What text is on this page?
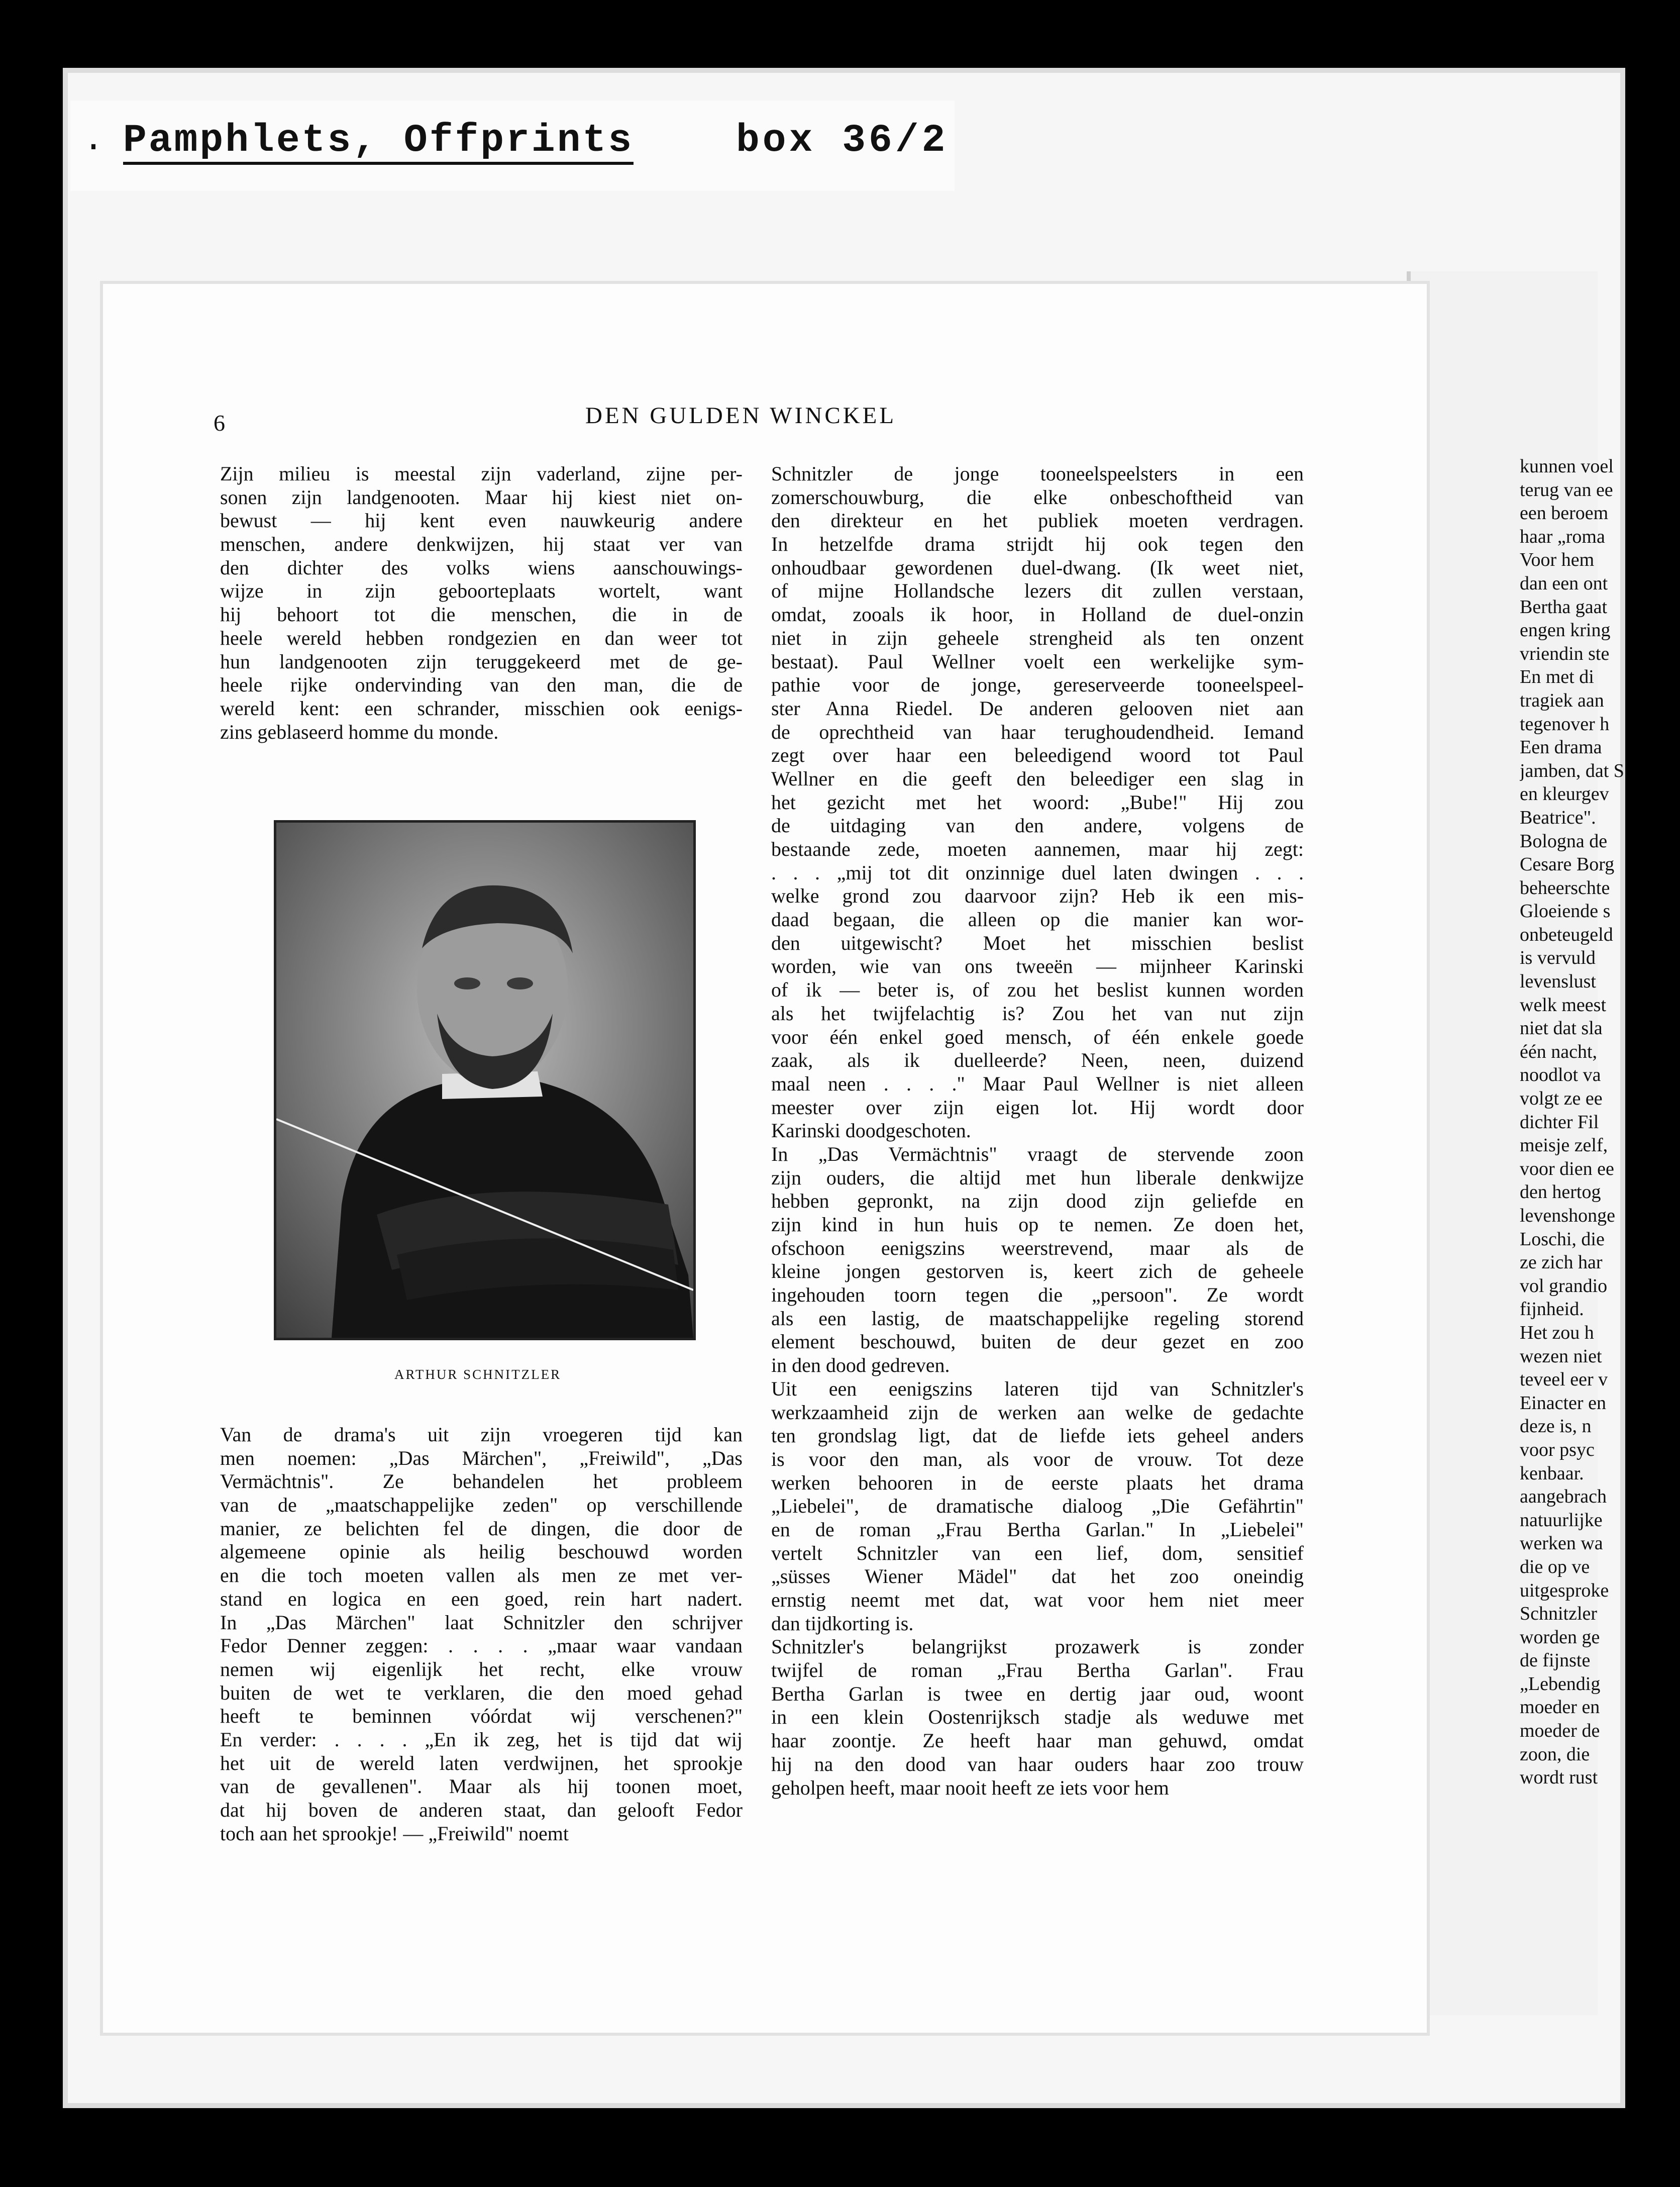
. Pamphlets, Offprints	box 36/2
kunnen voel
terug van ee
een beroem
haar „roma
Voor hem
dan een ont
Bertha gaat
engen kring
vriendin ste
En met di
tragiek aan
tegenover h
Een drama
jamben, dat S
en kleurgev
Beatrice".
Bologna de
Cesare Borg
beheerschte
Gloeiende s
onbeteugeld
is vervuld
levenslust
welk meest
niet dat sla
één nacht,
noodlot va
volgt ze ee
dichter Fil
meisje zelf,
voor dien ee
den hertog
levenshonge
Loschi, die
ze zich har
vol grandio
fijnheid.
Het zou h
wezen niet
teveel eer v
Einacter en
deze is, n
voor psyc
kenbaar.
aangebrach
natuurlijke
werken wa
die op ve
uitgesproke
Schnitzler
worden ge
de fijnste
„Lebendig
moeder en
moeder de
zoon, die
wordt rust
6	DEN GULDEN WINCKEL
Zijn milieu is meestal zijn vaderland, zijne per-
sonen zijn landgenooten. Maar hij kiest niet on-
bewust — hij kent even nauwkeurig andere
menschen, andere denkwijzen, hij staat ver van
den dichter des volks wiens aanschouwings-
wijze in zijn geboorteplaats wortelt, want
hij behoort tot die menschen, die in de
heele wereld hebben rondgezien en dan weer tot
hun landgenooten zijn teruggekeerd met de ge-
heele rijke ondervinding van den man, die de
wereld kent: een schrander, misschien ook eenigs-
zins geblaseerd homme du monde.
ARTHUR SCHNITZLER
Van de drama's uit zijn vroegeren tijd kan
men noemen: „Das Märchen", „Freiwild", „Das
Vermächtnis". Ze behandelen het probleem
van de „maatschappelijke zeden" op verschillende
manier, ze belichten fel de dingen, die door de
algemeene opinie als heilig beschouwd worden
en die toch moeten vallen als men ze met ver-
stand en logica en een goed, rein hart nadert.
In „Das Märchen" laat Schnitzler den schrijver
Fedor Denner zeggen: . . . . „maar waar vandaan
nemen wij eigenlijk het recht, elke vrouw
buiten de wet te verklaren, die den moed gehad
heeft te beminnen vóórdat wij verschenen?"
En verder: . . . . „En ik zeg, het is tijd dat wij
het uit de wereld laten verdwijnen, het sprookje
van de gevallenen". Maar als hij toonen moet,
dat hij boven de anderen staat, dan gelooft Fedor
toch aan het sprookje! — „Freiwild" noemt
Schnitzler de jonge tooneelspeelsters in een
zomerschouwburg, die elke onbeschoftheid van
den direkteur en het publiek moeten verdragen.
In hetzelfde drama strijdt hij ook tegen den
onhoudbaar gewordenen duel-dwang. (Ik weet niet,
of mijne Hollandsche lezers dit zullen verstaan,
omdat, zooals ik hoor, in Holland de duel-onzin
niet in zijn geheele strengheid als ten onzent
bestaat). Paul Wellner voelt een werkelijke sym-
pathie voor de jonge, gereserveerde tooneelspeel-
ster Anna Riedel. De anderen gelooven niet aan
de oprechtheid van haar terughoudendheid. Iemand
zegt over haar een beleedigend woord tot Paul
Wellner en die geeft den beleediger een slag in
het gezicht met het woord: „Bube!" Hij zou
de uitdaging van den andere, volgens de
bestaande zede, moeten aannemen, maar hij zegt:
. . . „mij tot dit onzinnige duel laten dwingen . . .
welke grond zou daarvoor zijn? Heb ik een mis-
daad begaan, die alleen op die manier kan wor-
den uitgewischt? Moet het misschien beslist
worden, wie van ons tweeën — mijnheer Karinski
of ik — beter is, of zou het beslist kunnen worden
als het twijfelachtig is? Zou het van nut zijn
voor één enkel goed mensch, of één enkele goede
zaak, als ik duelleerde? Neen, neen, duizend
maal neen . . . ." Maar Paul Wellner is niet alleen
meester over zijn eigen lot. Hij wordt door
Karinski doodgeschoten.
In „Das Vermächtnis" vraagt de stervende zoon
zijn ouders, die altijd met hun liberale denkwijze
hebben gepronkt, na zijn dood zijn geliefde en
zijn kind in hun huis op te nemen. Ze doen het,
ofschoon eenigszins weerstrevend, maar als de
kleine jongen gestorven is, keert zich de geheele
ingehouden toorn tegen die „persoon". Ze wordt
als een lastig, de maatschappelijke regeling storend
element beschouwd, buiten de deur gezet en zoo
in den dood gedreven.
Uit een eenigszins lateren tijd van Schnitzler's
werkzaamheid zijn de werken aan welke de gedachte
ten grondslag ligt, dat de liefde iets geheel anders
is voor den man, als voor de vrouw. Tot deze
werken behooren in de eerste plaats het drama
„Liebelei", de dramatische dialoog „Die Gefährtin"
en de roman „Frau Bertha Garlan." In „Liebelei"
vertelt Schnitzler van een lief, dom, sensitief
„süsses Wiener Mädel" dat het zoo oneindig
ernstig neemt met dat, wat voor hem niet meer
dan tijdkorting is.
Schnitzler's belangrijkst prozawerk is zonder
twijfel de roman „Frau Bertha Garlan". Frau
Bertha Garlan is twee en dertig jaar oud, woont
in een klein Oostenrijksch stadje als weduwe met
haar zoontje. Ze heeft haar man gehuwd, omdat
hij na den dood van haar ouders haar zoo trouw
geholpen heeft, maar nooit heeft ze iets voor hem
